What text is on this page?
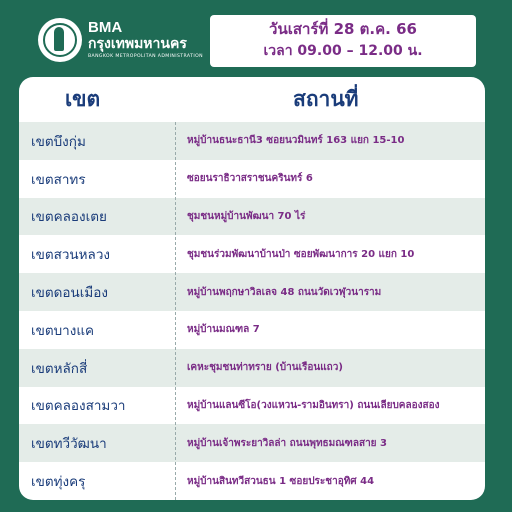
BMA
กรุงเทพมหานคร
BANGKOK METROPOLITAN ADMINISTRATION
วันเสาร์ที่ 28 ต.ค. 66
เวลา 09.00 – 12.00 น.
เขต	สถานที่
เขตบึงกุ่ม	หมู่บ้านธนะธานี3 ซอยนวมินทร์ 163 แยก 15-10
เขตสาทร	ซอยนราธิวาสราชนครินทร์ 6
เขตคลองเตย	ชุมชนหมู่บ้านพัฒนา 70 ไร่
เขตสวนหลวง	ชุมชนร่วมพัฒนาบ้านป่า ซอยพัฒนาการ 20 แยก 10
เขตดอนเมือง	หมู่บ้านพฤกษาวิลเลจ 48 ถนนวัดเวฬุวนาราม
เขตบางแค	หมู่บ้านมณฑล 7
เขตหลักสี่	เคหะชุมชนท่าทราย (บ้านเรือนแถว)
เขตคลองสามวา	หมู่บ้านแลนซีโอ(วงแหวน-รามอินทรา) ถนนเลียบคลองสอง
เขตทวีวัฒนา	หมู่บ้านเจ้าพระยาวิลล่า ถนนพุทธมณฑลสาย 3
เขตทุ่งครุ	หมู่บ้านสินทวีสวนธน 1 ซอยประชาอุทิศ 44
